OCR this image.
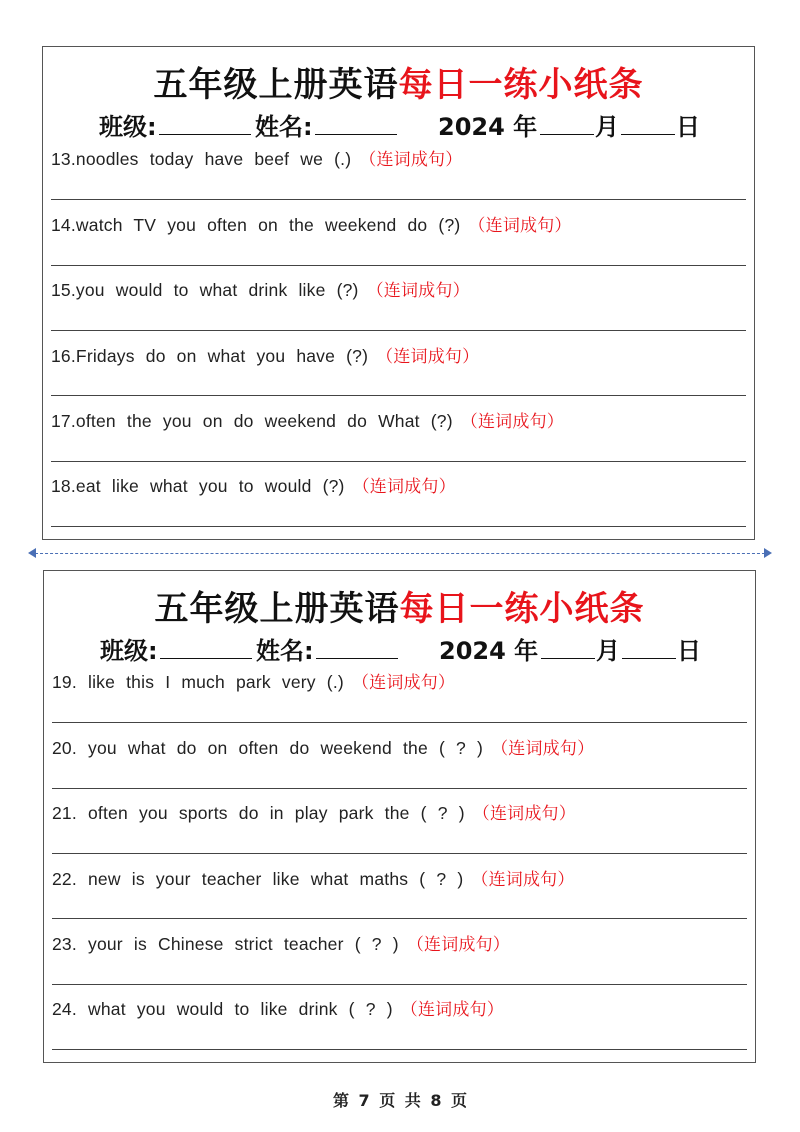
五年级上册英语每日一练小纸条
班级:	姓名:	2024 年 月 日
13.noodles today have beef we (.) （连词成句）
14.watch TV you often on the weekend do (?) （连词成句）
15.you would to what drink like (?) （连词成句）
16.Fridays do on what you have (?) （连词成句）
17.often the you on do weekend do What (?) （连词成句）
18.eat like what you to would (?) （连词成句）
五年级上册英语每日一练小纸条
班级:	姓名:	2024 年 月 日
19. like this I much park very (.) （连词成句）
20. you what do on often do weekend the ( ? ) （连词成句）
21. often you sports do in play park the ( ? ) （连词成句）
22. new is your teacher like what maths ( ? ) （连词成句）
23. your is Chinese strict teacher ( ? ) （连词成句）
24. what you would to like drink ( ? ) （连词成句）
第 7 页 共 8 页
